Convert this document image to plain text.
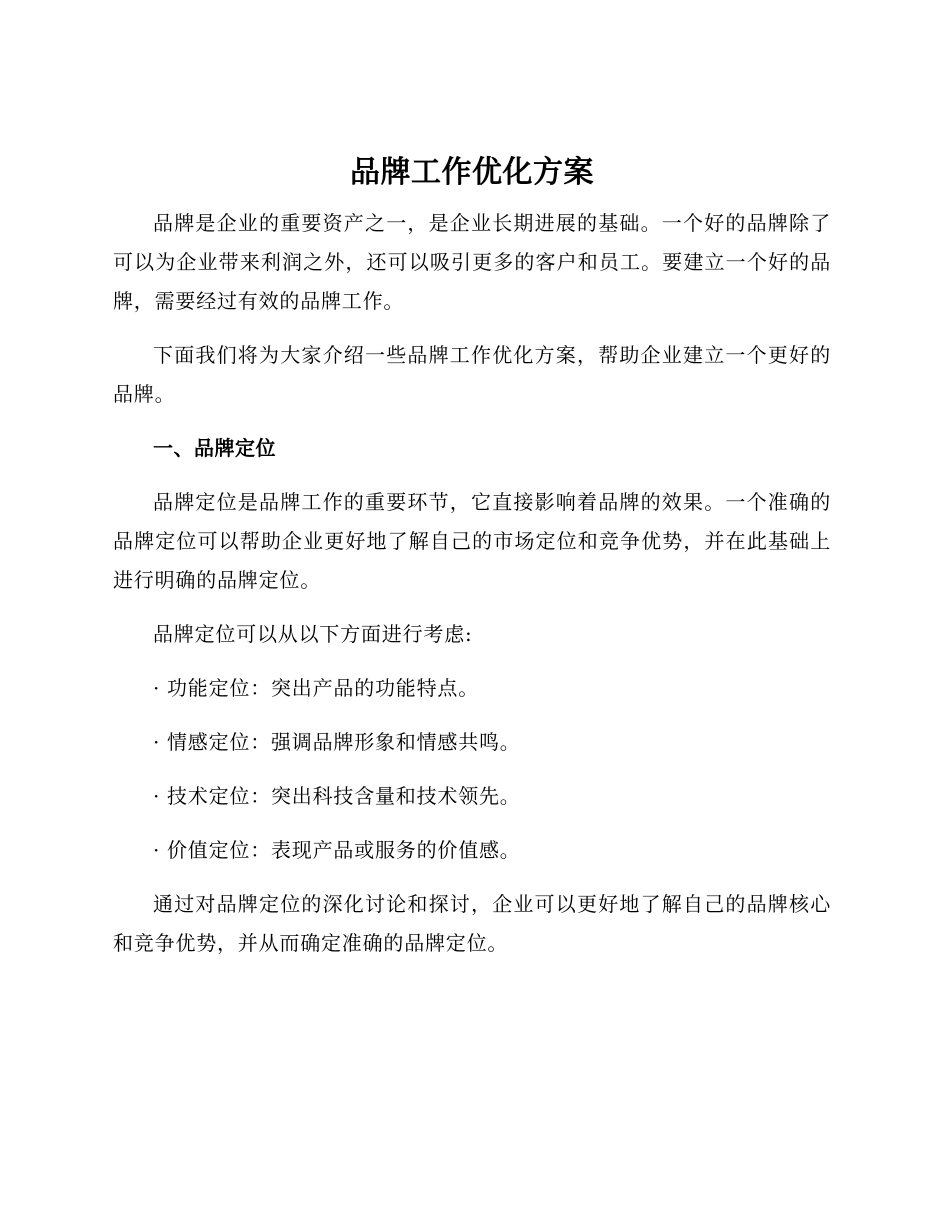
品牌工作优化方案

品牌是企业的重要资产之一，是企业长期进展的基础。一个好的品牌除了可以为企业带来利润之外，还可以吸引更多的客户和员工。要建立一个好的品牌，需要经过有效的品牌工作。

下面我们将为大家介绍一些品牌工作优化方案，帮助企业建立一个更好的品牌。

一、品牌定位

品牌定位是品牌工作的重要环节，它直接影响着品牌的效果。一个准确的品牌定位可以帮助企业更好地了解自己的市场定位和竞争优势，并在此基础上进行明确的品牌定位。

品牌定位可以从以下方面进行考虑:

· 功能定位：突出产品的功能特点。
· 情感定位：强调品牌形象和情感共鸣。
· 技术定位：突出科技含量和技术领先。
· 价值定位：表现产品或服务的价值感。

通过对品牌定位的深化讨论和探讨，企业可以更好地了解自己的品牌核心和竞争优势，并从而确定准确的品牌定位。
